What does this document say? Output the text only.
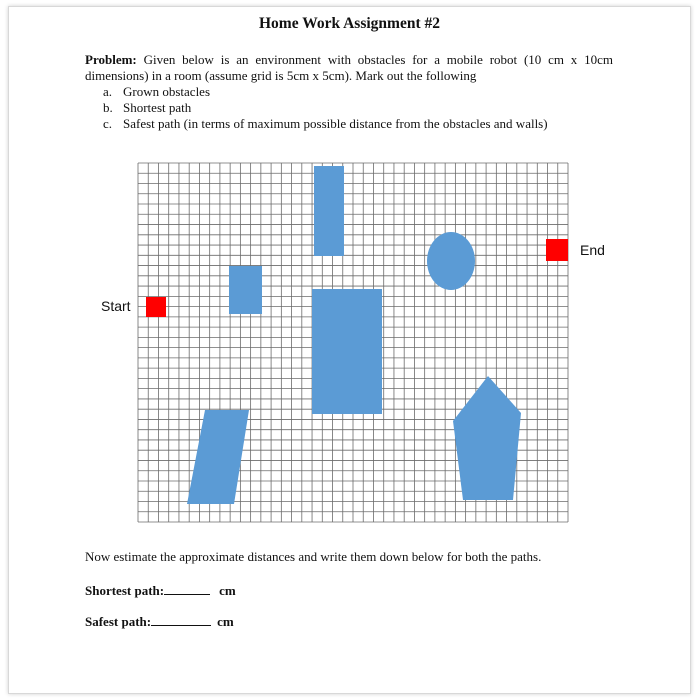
Home Work Assignment #2

Problem: Given below is an environment with obstacles for a mobile robot (10 cm x 10cm dimensions) in a room (assume grid is 5cm x 5cm). Mark out the following

a. Grown obstacles
b. Shortest path
c. Safest path (in terms of maximum possible distance from the obstacles and walls)
Start
End

Now estimate the approximate distances and write them down below for both the paths.

Shortest path:	cm

Safest path:	cm
